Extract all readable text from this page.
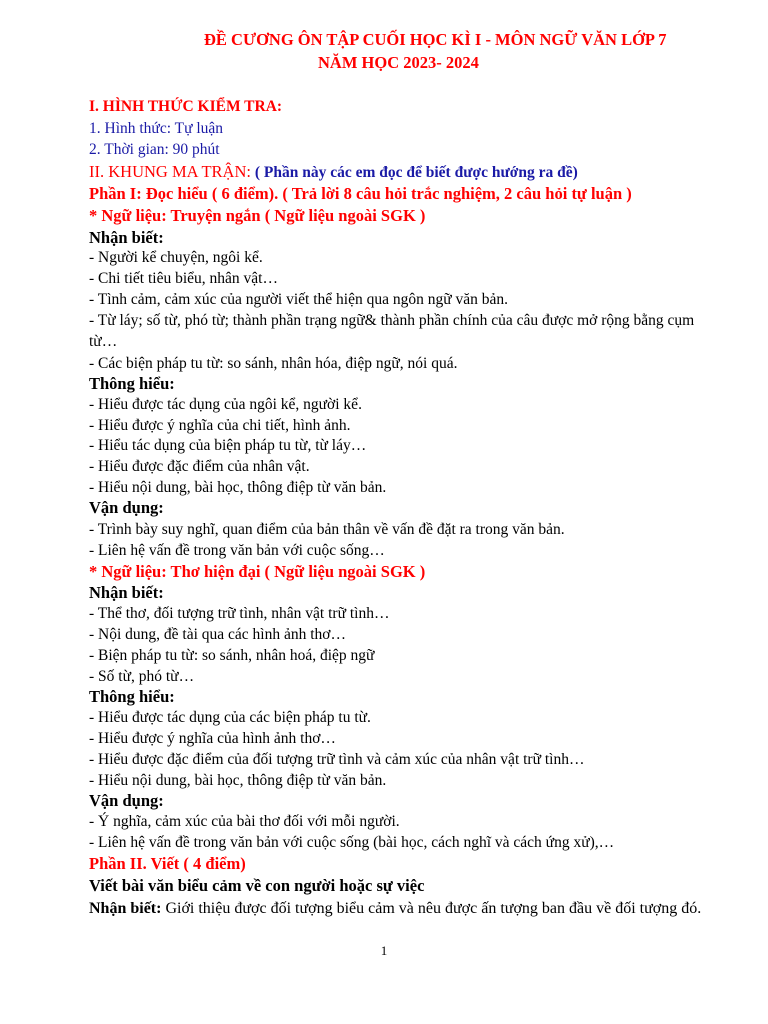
ĐỀ CƯƠNG ÔN TẬP CUỐI HỌC KÌ I - MÔN NGỮ VĂN LỚP 7
NĂM HỌC 2023- 2024
I. HÌNH THỨC KIỂM TRA:
1. Hình thức: Tự luận
2. Thời gian: 90 phút
II. KHUNG MA TRẬN: ( Phần này các em đọc để biết được hướng ra đề)
Phần I: Đọc hiểu ( 6 điểm). ( Trả lời 8 câu hỏi trắc nghiệm, 2 câu hỏi tự luận )
* Ngữ liệu: Truyện ngắn ( Ngữ liệu ngoài SGK )
Nhận biết:
- Người kể chuyện, ngôi kể.
- Chi tiết tiêu biểu, nhân vật…
- Tình cảm, cảm xúc của người viết thể hiện qua ngôn ngữ văn bản.
- Từ láy; số từ, phó từ; thành phần trạng ngữ& thành phần chính của câu được mở rộng bằng cụm từ…
- Các biện pháp tu từ: so sánh, nhân hóa, điệp ngữ, nói quá.
Thông hiểu:
- Hiểu được tác dụng của ngôi kể, người kể.
- Hiểu được ý nghĩa của chi tiết, hình ảnh.
- Hiểu tác dụng của biện pháp tu từ, từ láy…
- Hiểu được đặc điểm của nhân vật.
- Hiểu nội dung, bài học, thông điệp từ văn bản.
Vận dụng:
- Trình bày suy nghĩ, quan điểm của bản thân về vấn đề đặt ra trong văn bản.
- Liên hệ vấn đề trong văn bản với cuộc sống…
* Ngữ liệu: Thơ hiện đại ( Ngữ liệu ngoài SGK )
Nhận biết:
- Thể thơ, đối tượng trữ tình, nhân vật trữ tình…
- Nội dung, đề tài qua các hình ảnh thơ…
- Biện pháp tu từ: so sánh, nhân hoá, điệp ngữ
- Số từ, phó từ…
Thông hiểu:
- Hiểu được tác dụng của các biện pháp tu từ.
- Hiểu được ý nghĩa của hình ảnh thơ…
- Hiểu được đặc điểm của đối tượng trữ tình và cảm xúc của nhân vật trữ tình…
- Hiểu nội dung, bài học, thông điệp từ văn bản.
Vận dụng:
- Ý nghĩa, cảm xúc của bài thơ đối với mỗi người.
- Liên hệ vấn đề trong văn bản với cuộc sống (bài học, cách nghĩ và cách ứng xử),…
Phần II. Viết ( 4 điểm)
Viết bài văn biểu cảm về con người hoặc sự việc
Nhận biết: Giới thiệu được đối tượng biểu cảm và nêu được ấn tượng ban đầu về đối tượng đó.
1
